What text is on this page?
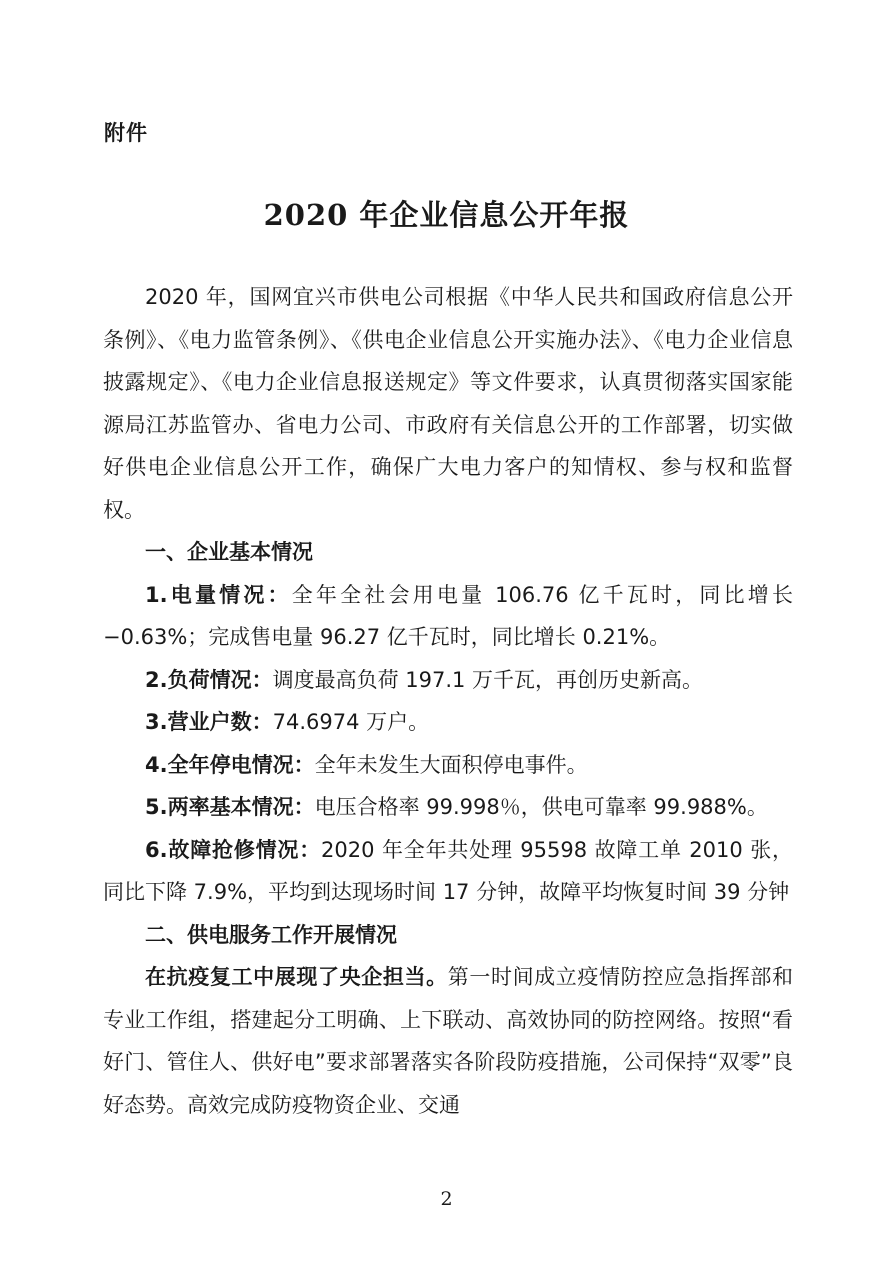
附件
2020 年企业信息公开年报

2020 年，国网宜兴市供电公司根据《中华人民共和国政府信息公开条例》、《电力监管条例》、《供电企业信息公开实施办法》、《电力企业信息披露规定》、《电力企业信息报送规定》等文件要求，认真贯彻落实国家能源局江苏监管办、省电力公司、市政府有关信息公开的工作部署，切实做好供电企业信息公开工作，确保广大电力客户的知情权、参与权和监督权。

一、企业基本情况

1.电量情况：全年全社会用电量 106.76 亿千瓦时，同比增长−0.63%；完成售电量 96.27 亿千瓦时，同比增长 0.21%。

2.负荷情况：调度最高负荷 197.1 万千瓦，再创历史新高。

3.营业户数：74.6974 万户。

4.全年停电情况：全年未发生大面积停电事件。

5.两率基本情况：电压合格率 99.998％，供电可靠率 99.988%。

6.故障抢修情况：2020 年全年共处理 95598 故障工单 2010 张，同比下降 7.9%，平均到达现场时间 17 分钟，故障平均恢复时间 39 分钟

二、供电服务工作开展情况

在抗疫复工中展现了央企担当。第一时间成立疫情防控应急指挥部和专业工作组，搭建起分工明确、上下联动、高效协同的防控网络。按照“看好门、管住人、供好电”要求部署落实各阶段防疫措施，公司保持“双零”良好态势。高效完成防疫物资企业、交通

2
